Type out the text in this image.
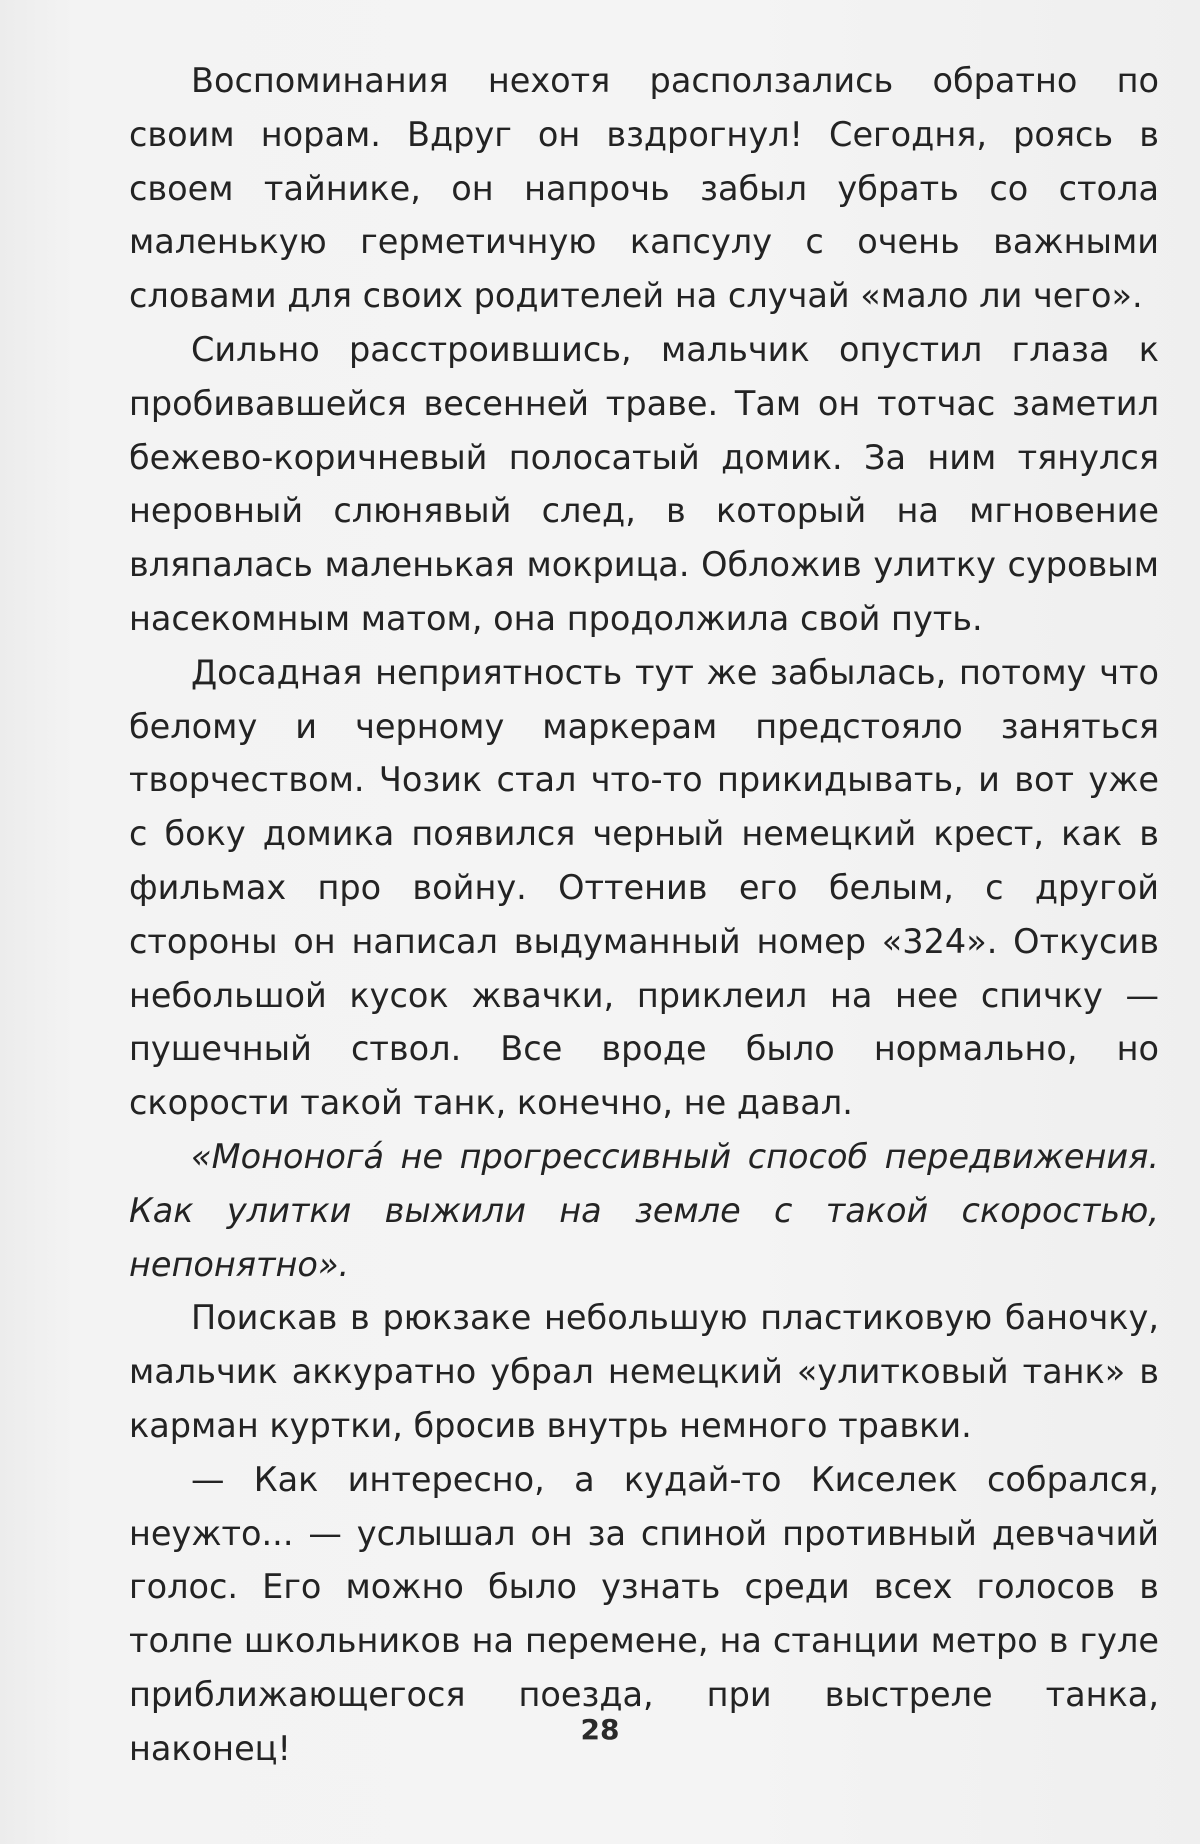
Воспоминания нехотя расползались обратно по своим норам. Вдруг он вздрогнул! Сегодня, роясь в своем тайнике, он напрочь забыл убрать со стола маленькую герметичную капсулу с очень важными словами для своих родителей на случай «мало ли чего».

Сильно расстроившись, мальчик опустил глаза к пробивавшейся весенней траве. Там он тотчас заметил бежево-коричневый полосатый домик. За ним тянулся неровный слюнявый след, в который на мгновение вляпалась маленькая мокрица. Обложив улитку суровым насекомным матом, она продолжила свой путь.

Досадная неприятность тут же забылась, потому что белому и черному маркерам предстояло заняться творчеством. Чозик стал что-то прикидывать, и вот уже с боку домика появился черный немецкий крест, как в фильмах про войну. Оттенив его белым, с другой стороны он написал выдуманный номер «324». Откусив небольшой кусок жвачки, приклеил на нее спичку — пушечный ствол. Все вроде было нормально, но скорости такой танк, конечно, не давал.

«Мононога́ не прогрессивный способ передвижения. Как улитки выжили на земле с такой скоростью, непонятно».

Поискав в рюкзаке небольшую пластиковую баночку, мальчик аккуратно убрал немецкий «улитковый танк» в карман куртки, бросив внутрь немного травки.

— Как интересно, а кудай-то Киселек собрался, неужто... — услышал он за спиной противный девчачий голос. Его можно было узнать среди всех голосов в толпе школьников на перемене, на станции метро в гуле приближающегося поезда, при выстреле танка, наконец!	28
